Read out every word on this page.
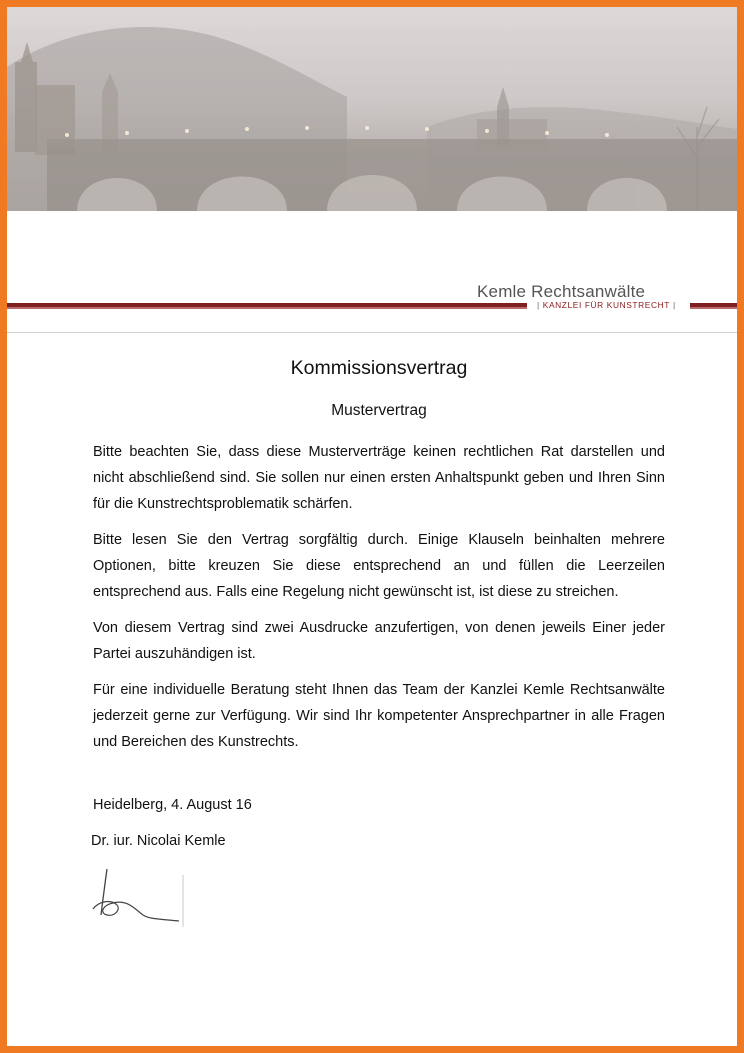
Kemle Rechtsanwälte
| KANZLEI FÜR KUNSTRECHT |
Kommissionsvertrag
Mustervertrag

Bitte beachten Sie, dass diese Musterverträge keinen rechtlichen Rat darstellen und nicht abschließend sind. Sie sollen nur einen ersten Anhaltspunkt geben und Ihren Sinn für die Kunstrechtsproblematik schärfen.

Bitte lesen Sie den Vertrag sorgfältig durch. Einige Klauseln beinhalten mehrere Optionen, bitte kreuzen Sie diese entsprechend an und füllen die Leerzeilen entsprechend aus. Falls eine Regelung nicht gewünscht ist, ist diese zu streichen.

Von diesem Vertrag sind zwei Ausdrucke anzufertigen, von denen jeweils Einer jeder Partei auszuhändigen ist.

Für eine individuelle Beratung steht Ihnen das Team der Kanzlei Kemle Rechtsanwälte jederzeit gerne zur Verfügung. Wir sind Ihr kompetenter Ansprechpartner in alle Fragen und Bereichen des Kunstrechts.

Heidelberg, 4. August 16
Dr. iur. Nicolai Kemle
